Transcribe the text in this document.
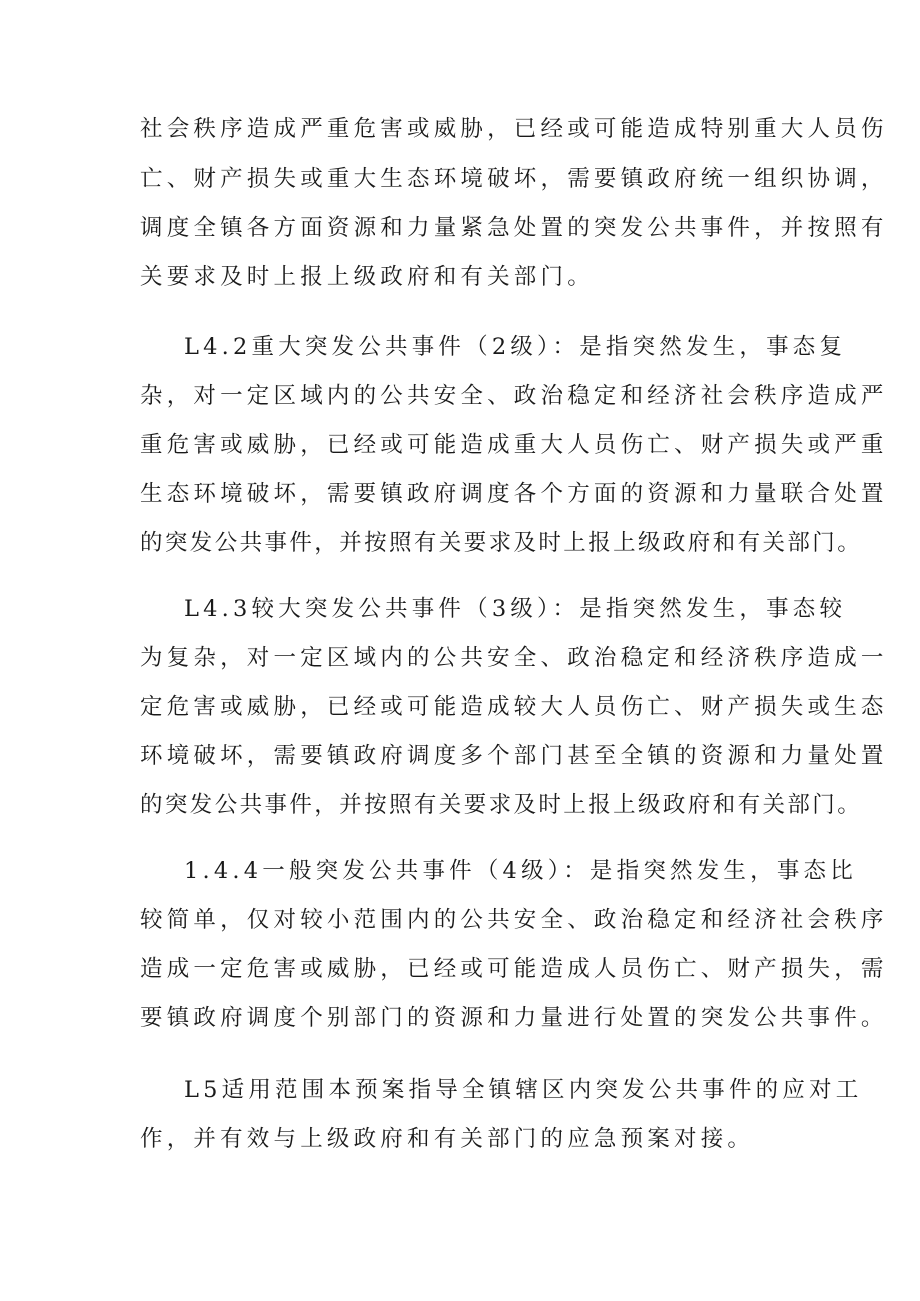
社会秩序造成严重危害或威胁，已经或可能造成特别重大人员伤
亡、财产损失或重大生态环境破坏，需要镇政府统一组织协调，
调度全镇各方面资源和力量紧急处置的突发公共事件，并按照有
关要求及时上报上级政府和有关部门。
L4.2重大突发公共事件（2级）：是指突然发生，事态复
杂，对一定区域内的公共安全、政治稳定和经济社会秩序造成严
重危害或威胁，已经或可能造成重大人员伤亡、财产损失或严重
生态环境破坏，需要镇政府调度各个方面的资源和力量联合处置
的突发公共事件，并按照有关要求及时上报上级政府和有关部门。
L4.3较大突发公共事件（3级）：是指突然发生，事态较
为复杂，对一定区域内的公共安全、政治稳定和经济秩序造成一
定危害或威胁，已经或可能造成较大人员伤亡、财产损失或生态
环境破坏，需要镇政府调度多个部门甚至全镇的资源和力量处置
的突发公共事件，并按照有关要求及时上报上级政府和有关部门。
1.4.4一般突发公共事件（4级）：是指突然发生，事态比
较简单，仅对较小范围内的公共安全、政治稳定和经济社会秩序
造成一定危害或威胁，已经或可能造成人员伤亡、财产损失，需
要镇政府调度个别部门的资源和力量进行处置的突发公共事件。
L5适用范围本预案指导全镇辖区内突发公共事件的应对工
作，并有效与上级政府和有关部门的应急预案对接。
